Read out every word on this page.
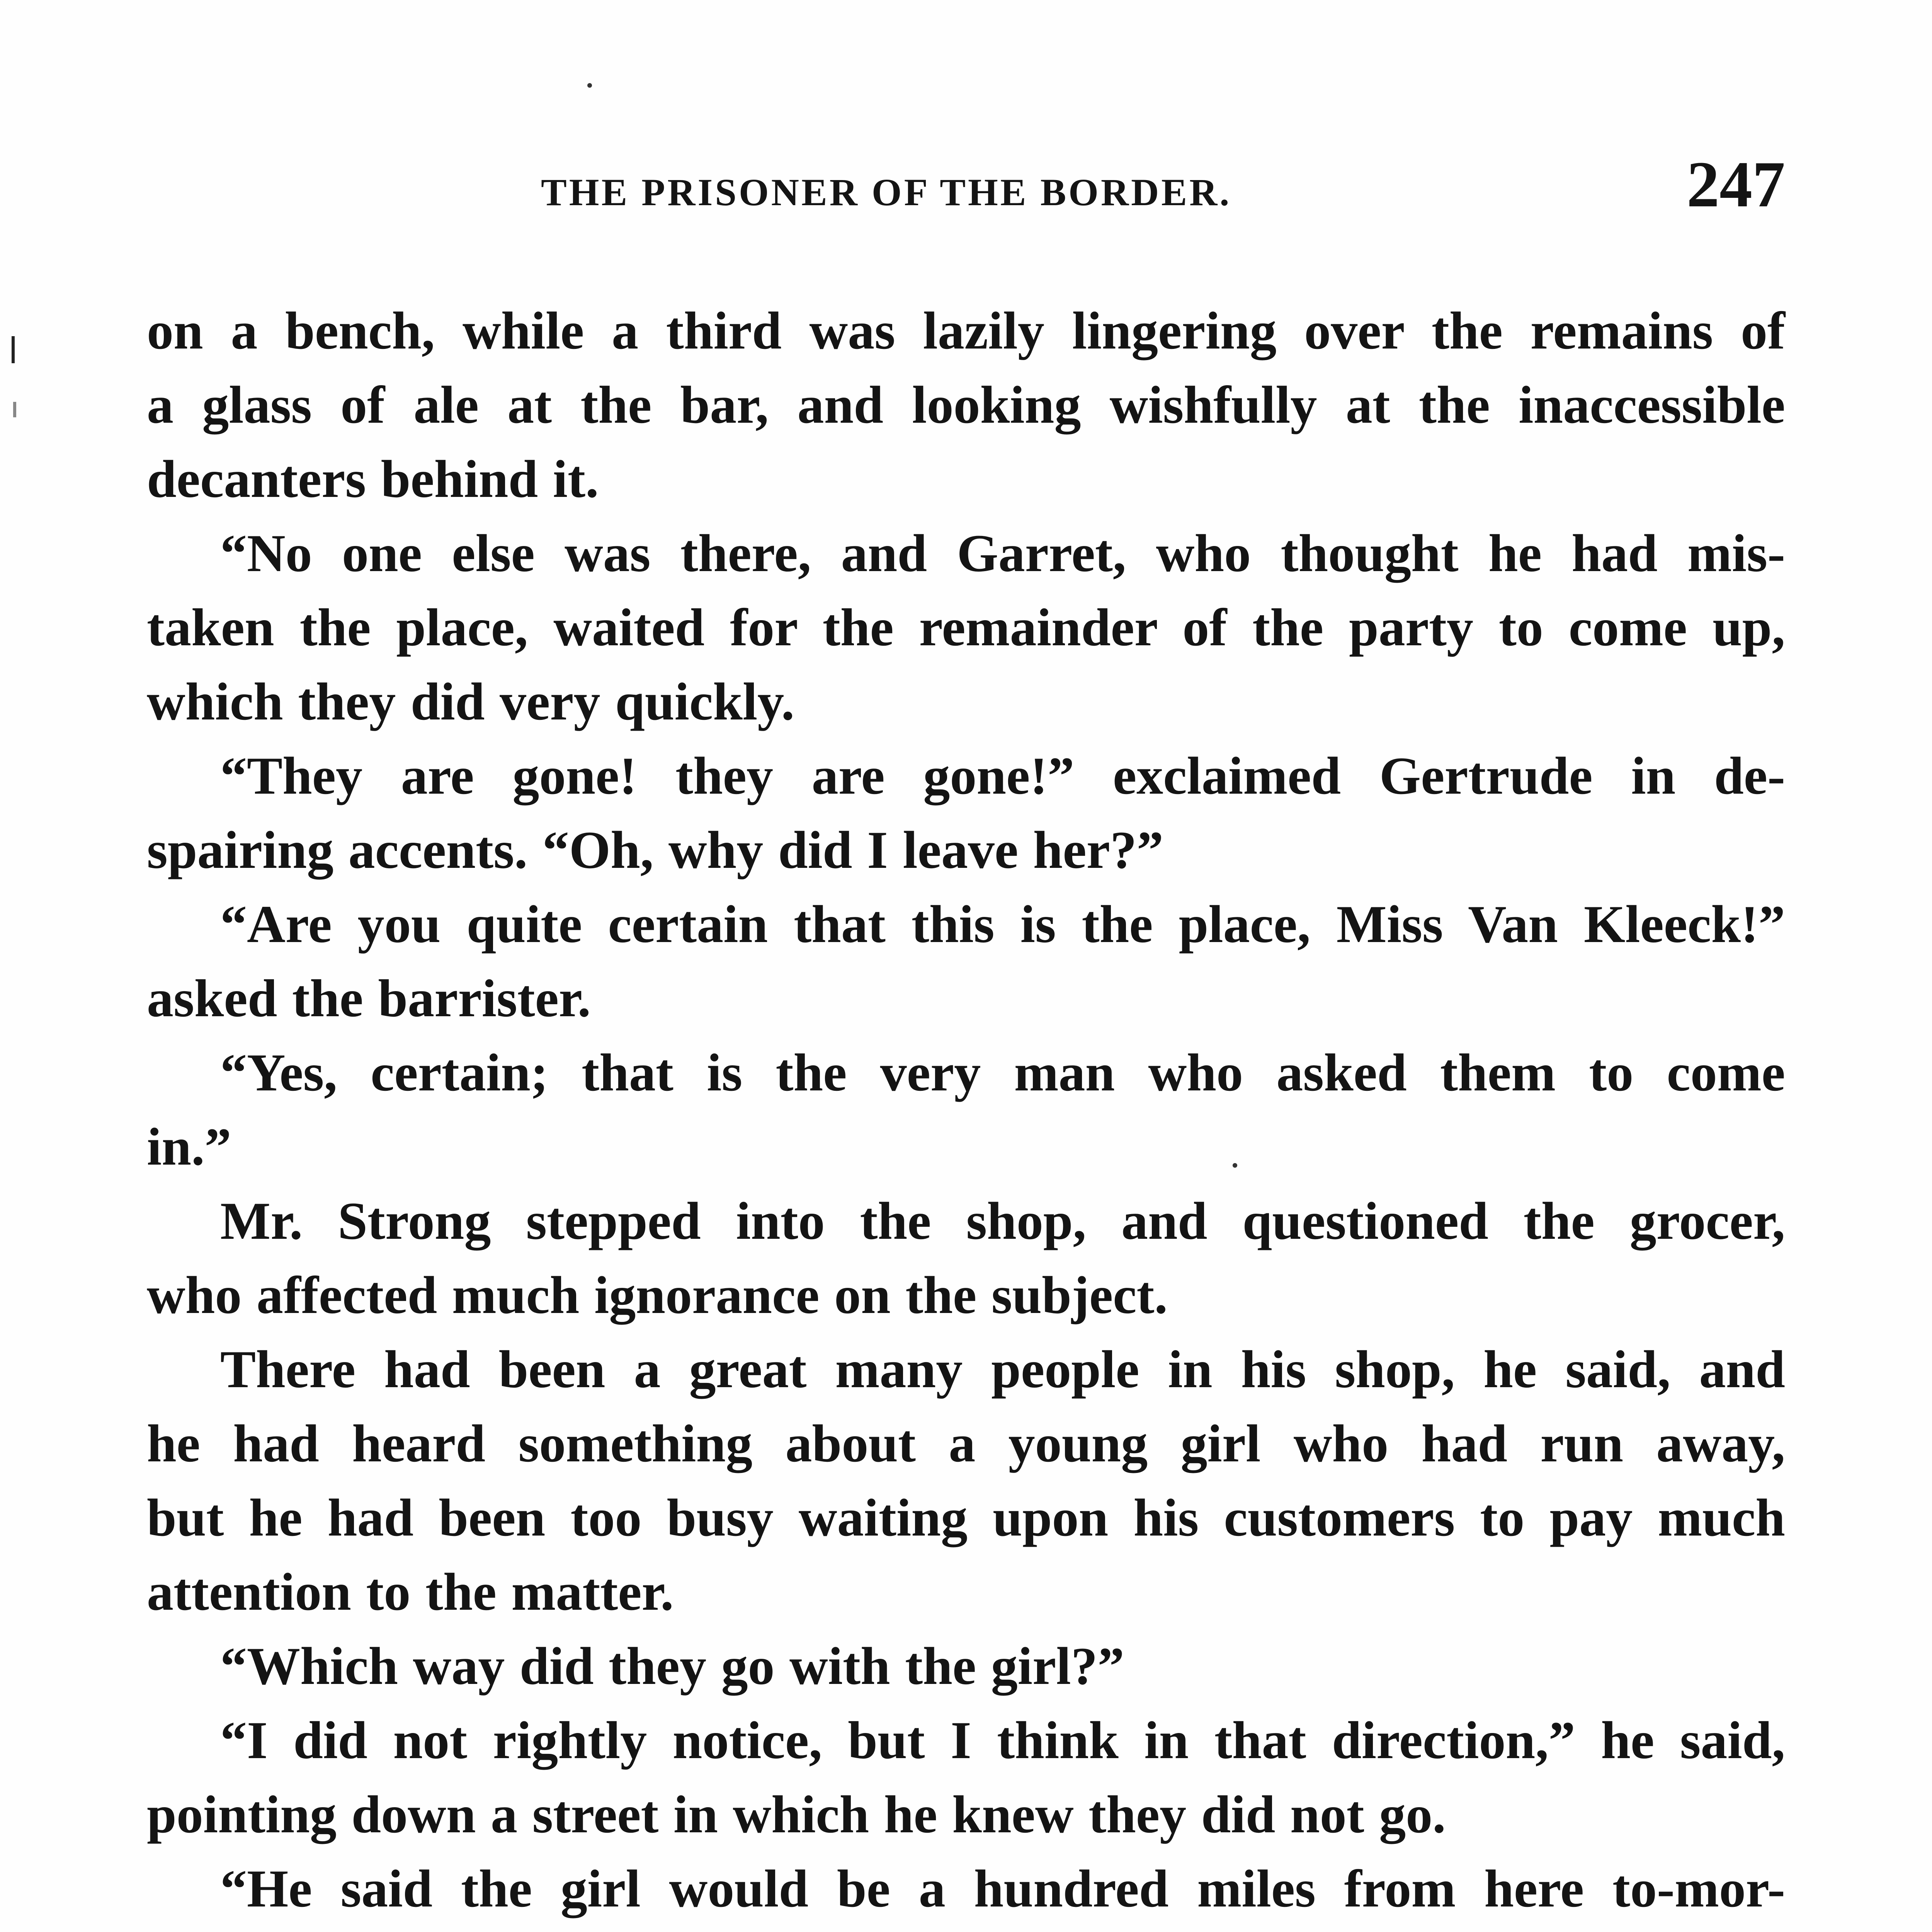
THE PRISONER OF THE BORDER.	247
on a bench, while a third was lazily lingering over the remains of
a glass of ale at the bar, and looking wishfully at the inaccessible
decanters behind it.
“No one else was there, and Garret, who thought he had mis-
taken the place, waited for the remainder of the party to come up,
which they did very quickly.
“They are gone! they are gone!” exclaimed Gertrude in de-
spairing accents. “Oh, why did I leave her?”
“Are you quite certain that this is the place, Miss Van Kleeck!”
asked the barrister.
“Yes, certain; that is the very man who asked them to come
in.”
Mr. Strong stepped into the shop, and questioned the grocer,
who affected much ignorance on the subject.
There had been a great many people in his shop, he said, and
he had heard something about a young girl who had run away,
but he had been too busy waiting upon his customers to pay much
attention to the matter.
“Which way did they go with the girl?”
“I did not rightly notice, but I think in that direction,” he said,
pointing down a street in which he knew they did not go.
“He said the girl would be a hundred miles from here to-mor-
